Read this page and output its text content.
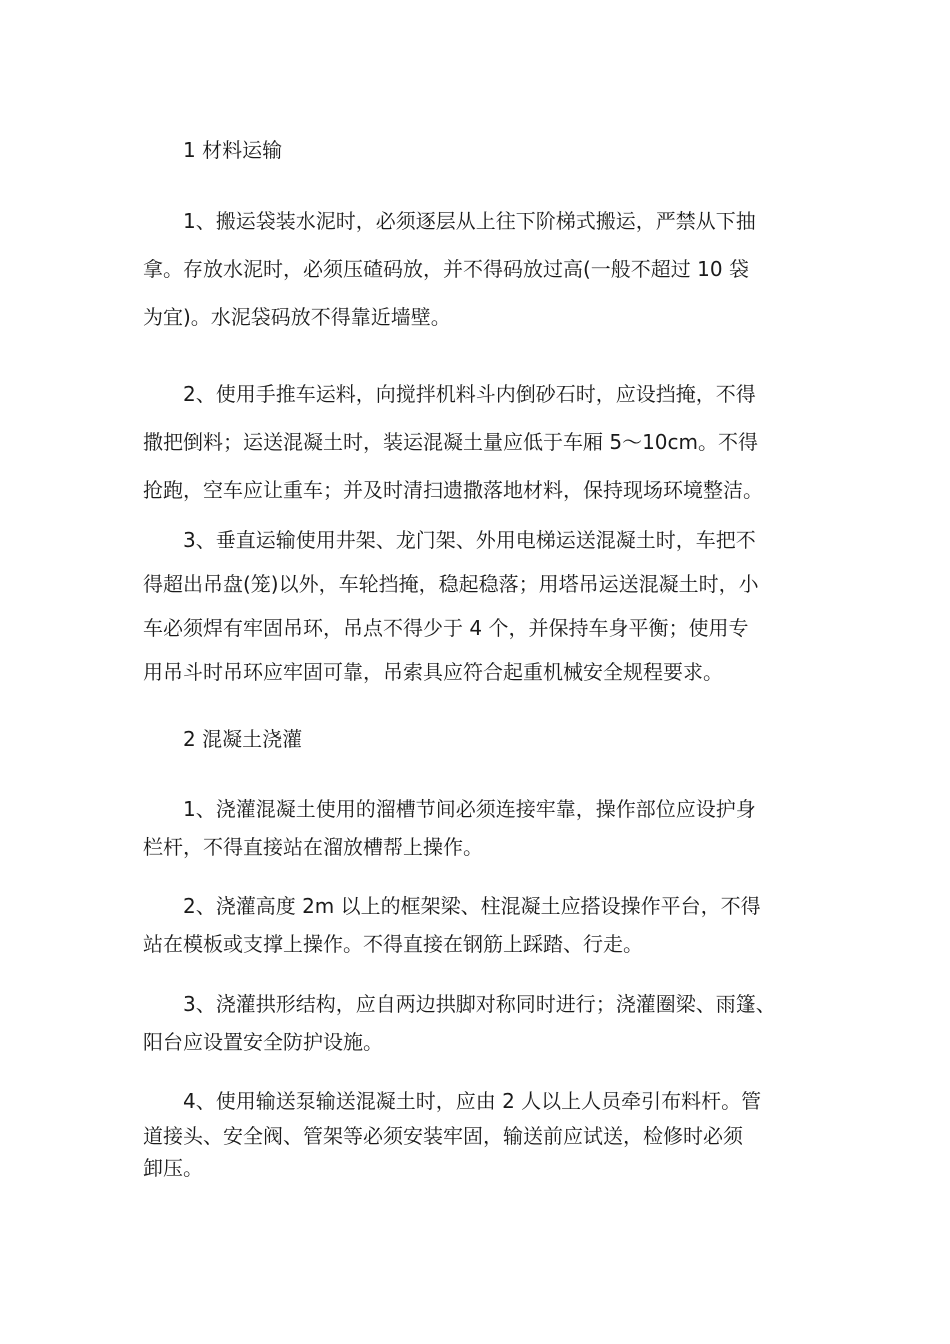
1 材料运输
1、搬运袋装水泥时，必须逐层从上往下阶梯式搬运，严禁从下抽
拿。存放水泥时，必须压碴码放，并不得码放过高(一般不超过 10 袋
为宜)。水泥袋码放不得靠近墙壁。
2、使用手推车运料，向搅拌机料斗内倒砂石时，应设挡掩，不得
撒把倒料；运送混凝土时，装运混凝土量应低于车厢 5～10cm。不得
抢跑，空车应让重车；并及时清扫遗撒落地材料，保持现场环境整洁。
3、垂直运输使用井架、龙门架、外用电梯运送混凝土时，车把不
得超出吊盘(笼)以外，车轮挡掩，稳起稳落；用塔吊运送混凝土时，小
车必须焊有牢固吊环，吊点不得少于 4 个，并保持车身平衡；使用专
用吊斗时吊环应牢固可靠，吊索具应符合起重机械安全规程要求。
2 混凝土浇灌
1、浇灌混凝土使用的溜槽节间必须连接牢靠，操作部位应设护身
栏杆，不得直接站在溜放槽帮上操作。
2、浇灌高度 2m 以上的框架梁、柱混凝土应搭设操作平台，不得
站在模板或支撑上操作。不得直接在钢筋上踩踏、行走。
3、浇灌拱形结构，应自两边拱脚对称同时进行；浇灌圈梁、雨篷、
阳台应设置安全防护设施。
4、使用输送泵输送混凝土时，应由 2 人以上人员牵引布料杆。管
道接头、安全阀、管架等必须安装牢固，输送前应试送，检修时必须
卸压。
